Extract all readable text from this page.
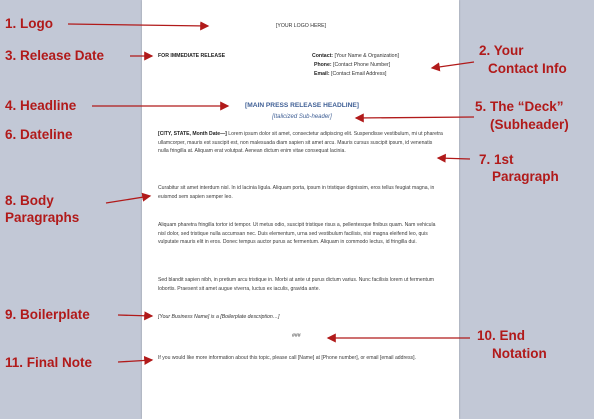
[YOUR LOGO HERE]
FOR IMMEDIATE RELEASE	Contact: [Your Name & Organization]
Phone: [Contact Phone Number]
Email: [Contact Email Address]
[MAIN PRESS RELEASE HEADLINE]
[Italicized Sub-header]
[CITY, STATE, Month Date—] Lorem ipsum dolor sit amet, consectetur adipiscing elit. Suspendisse vestibulum, mi ut pharetra ullamcorper, mauris est suscipit est, non malesuada diam sapien sit amet arcu. Mauris cursus suscipit ipsum, id venenatis nulla fringilla at. Aliquam erat volutpat. Aenean dictum enim vitae consequat lacinia.
Curabitur sit amet interdum nisl. In id lacinia ligula. Aliquam porta, ipsum in tristique dignissim, eros tellus feugiat magna, in euismod sem sapien semper leo.
Aliquam pharetra fringilla tortor id tempor. Ut metus odio, suscipit tristique risus a, pellentesque finibus quam. Nam vehicula nisl dolor, sed tristique nulla accumsan nec. Duis elementum, urna sed vestibulum facilisis, nisi magna eleifend leo, quis vulputate mauris elit in eros. Donec tempus auctor purus ac fermentum. Aliquam in commodo lectus, id fringilla dui.
Sed blandit sapien nibh, in pretium arcu tristique in. Morbi at ante ut purus dictum varius. Nunc facilisis lorem ut fermentum lobortis. Praesent sit amet augue viverra, luctus ex iaculis, gravida ante.
[Your Business Name] is a [Boilerplate description…]
###
If you would like more information about this topic, please call [Name] at [Phone number], or email [email address].
1. Logo
3. Release Date
4. Headline
6. Dateline
8. Body
Paragraphs
9. Boilerplate
11. Final Note
2. Your
Contact Info
5. The “Deck”
(Subheader)
7. 1st
Paragraph
10. End
Notation
